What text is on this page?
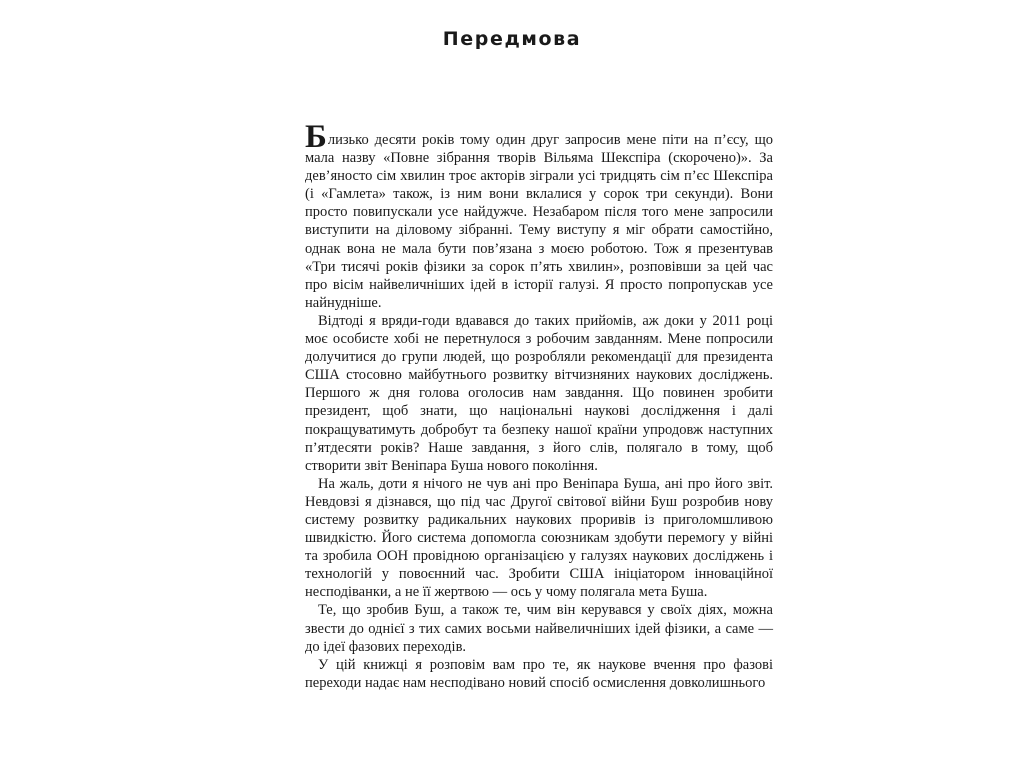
Передмова

Близько десяти років тому один друг запросив мене піти на п’єсу, що мала назву «Повне зібрання творів Вільяма Шекспіра (скорочено)». За дев’яносто сім хвилин троє акторів зіграли усі тридцять сім п’єс Шекспіра (і «Гамлета» також, із ним вони вклалися у сорок три секунди). Вони просто повипускали усе найдужче. Незабаром після того мене запросили виступити на діловому зібранні. Тему виступу я міг обрати самостійно, однак вона не мала бути пов’язана з моєю роботою. Тож я презентував «Три тисячі років фізики за сорок п’ять хвилин», розповівши за цей час про вісім найвеличніших ідей в історії галузі. Я просто попропускав усе найнудніше.

Відтоді я вряди-годи вдавався до таких прийомів, аж доки у 2011 році моє особисте хобі не перетнулося з робочим завданням. Мене попросили долучитися до групи людей, що розробляли рекомендації для президента США стосовно майбутнього розвитку вітчизняних наукових досліджень. Першого ж дня голова оголосив нам завдання. Що повинен зробити президент, щоб знати, що національні наукові дослідження і далі покращуватимуть добробут та безпеку нашої країни упродовж наступних п’ятдесяти років? Наше завдання, з його слів, полягало в тому, щоб створити звіт Веніпара Буша нового покоління.

На жаль, доти я нічого не чув ані про Веніпара Буша, ані про його звіт. Невдовзі я дізнався, що під час Другої світової війни Буш розробив нову систему розвитку радикальних наукових проривів із приголомшливою швидкістю. Його система допомогла союзникам здобути перемогу у війні та зробила ООН провідною організацією у галузях наукових досліджень і технологій у повоєнний час. Зробити США ініціатором інноваційної несподіванки, а не її жертвою — ось у чому полягала мета Буша.

Те, що зробив Буш, а також те, чим він керувався у своїх діях, можна звести до однієї з тих самих восьми найвеличніших ідей фізики, а саме — до ідеї фазових переходів.

У цій книжці я розповім вам про те, як наукове вчення про фазові переходи надає нам несподівано новий спосіб осмислення довколишнього
